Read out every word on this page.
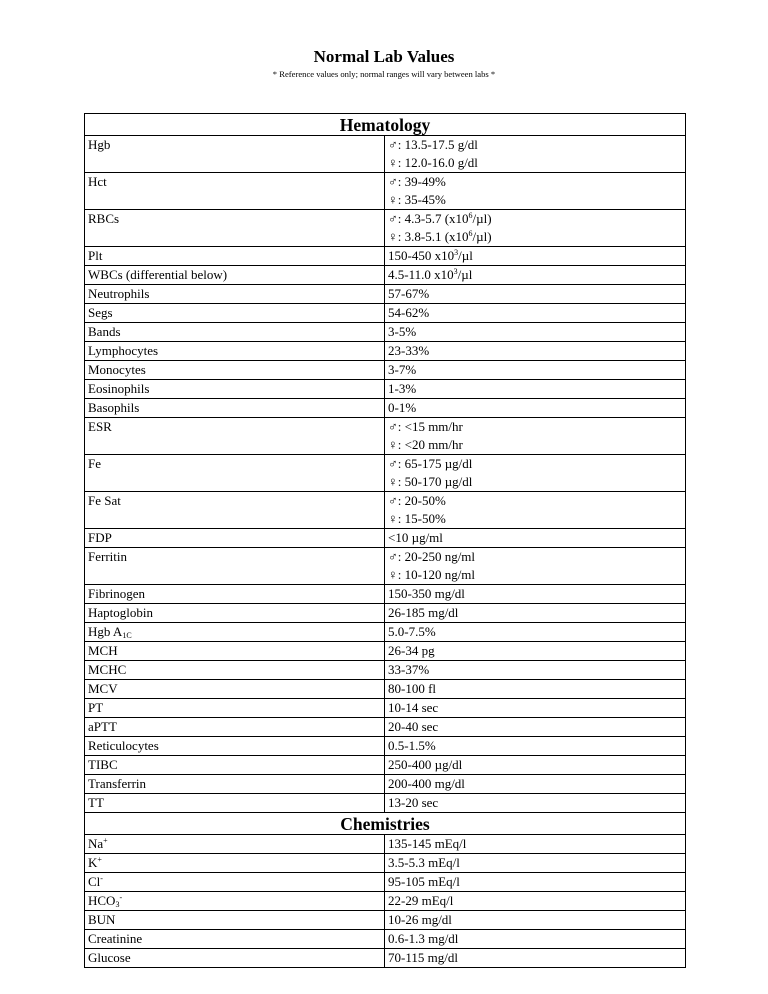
Normal Lab Values
* Reference values only; normal ranges will vary between labs *
Hematology	
Hgb	♂: 13.5-17.5 g/dl
♀: 12.0-16.0 g/dl

Hct	♂: 39-49%
♀: 35-45%

RBCs	♂: 4.3-5.7 $(x10^6/\mu l)$
♀: 3.8-5.1 $(x10^6/\mu l)$

Plt	150-450 $x10^3/\mu l$

WBCs (differential below)	4.5-11.0 $x10^3/\mu l$

Neutrophils	57-67%

Segs	54-62%

Bands	3-5%

Lymphocytes	23-33%

Monocytes	3-7%

Eosinophils	1-3%

Basophils	0-1%

ESR	♂: <15 mm/hr
♀: <20 mm/hr

Fe	♂: 65-175 µg/dl
♀: 50-170 µg/dl

Fe Sat	♂: 20-50%
♀: 15-50%

FDP	<10 µg/ml

Ferritin	♂: 20-250 ng/ml
♀: 10-120 ng/ml

Fibrinogen	150-350 mg/dl

Haptoglobin	26-185 mg/dl

Hgb $A_{1C}$	5.0-7.5%

MCH	26-34 pg

MCHC	33-37%

MCV	80-100 fl

PT	10-14 sec

aPTT	20-40 sec

Reticulocytes	0.5-1.5%

TIBC	250-400 µg/dl

Transferrin	200-400 mg/dl

TT	13-20 sec

Chemistries	
Na+	135-145 mEq/l

K+	3.5-5.3 mEq/l

Cl-	95-105 mEq/l

$HCO_3^-$	22-29 mEq/l

BUN	10-26 mg/dl

Creatinine	0.6-1.3 mg/dl

Glucose	70-115 mg/dl
